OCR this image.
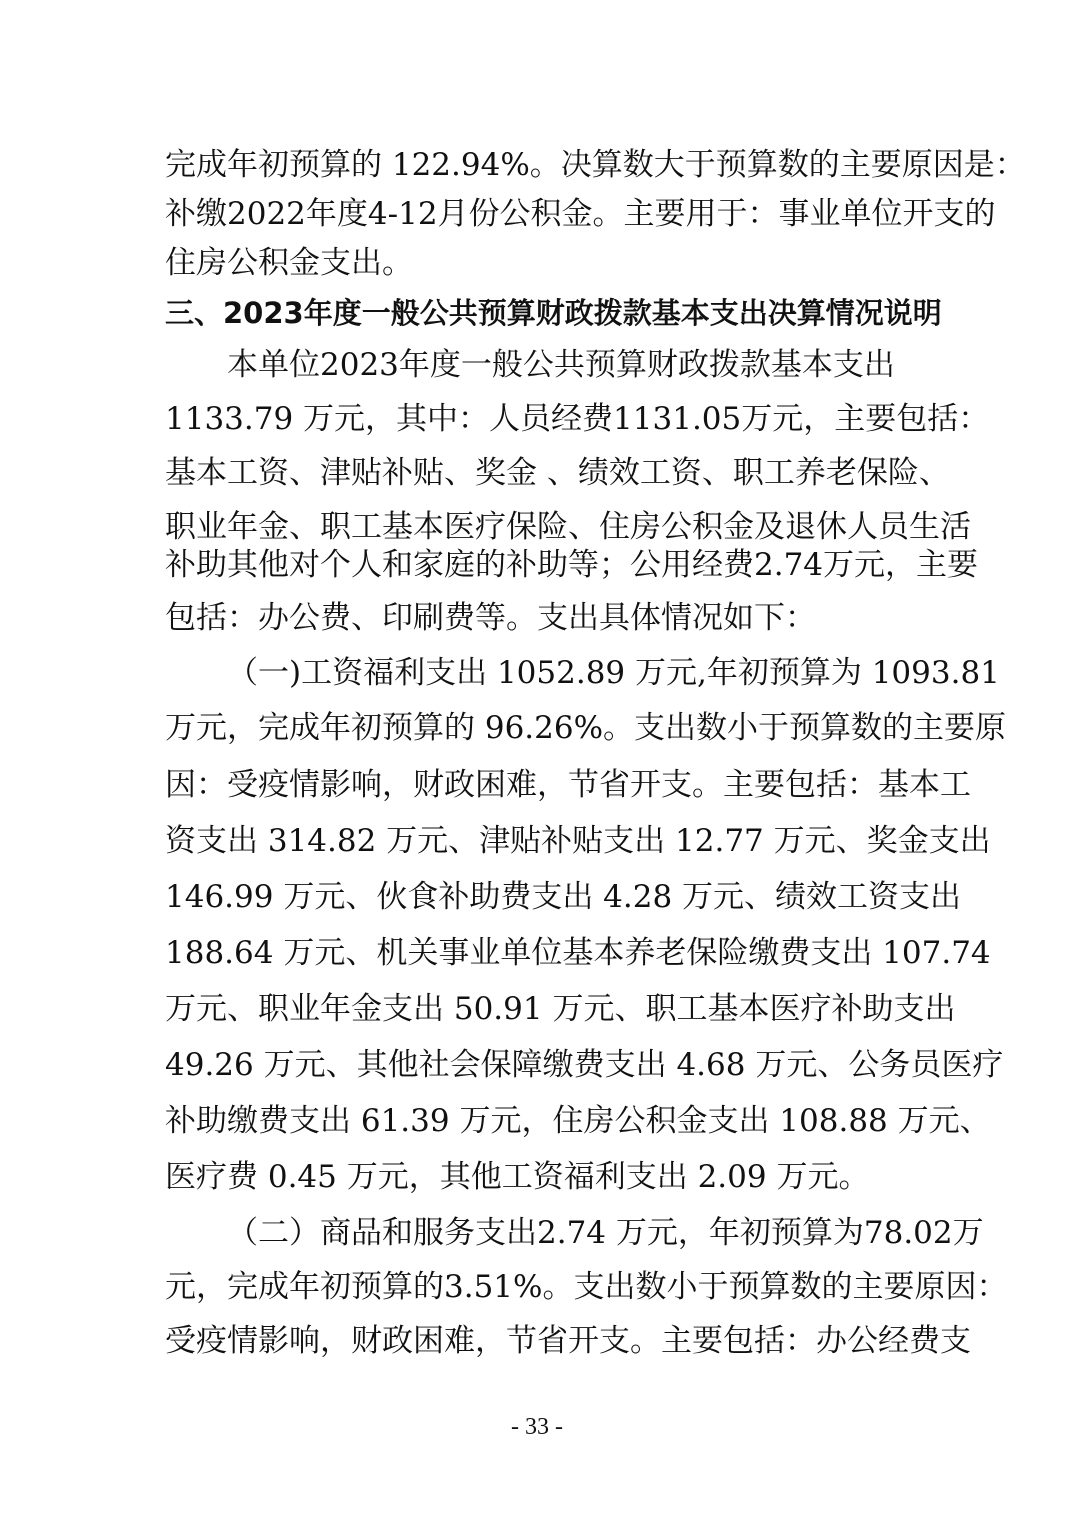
完成年初预算的 122.94%。决算数大于预算数的主要原因是：
补缴2022年度4-12月份公积金。主要用于：事业单位开支的
住房公积金支出。
三、2023年度一般公共预算财政拨款基本支出决算情况说明
本单位2023年度一般公共预算财政拨款基本支出
1133.79 万元，其中：人员经费1131.05万元，主要包括：
基本工资、津贴补贴、奖金 、绩效工资、职工养老保险、
职业年金、职工基本医疗保险、住房公积金及退休人员生活
补助其他对个人和家庭的补助等；公用经费2.74万元，主要
包括：办公费、印刷费等。支出具体情况如下：
（一)工资福利支出 1052.89 万元,年初预算为 1093.81
万元，完成年初预算的 96.26%。支出数小于预算数的主要原
因：受疫情影响，财政困难，节省开支。主要包括：基本工
资支出 314.82 万元、津贴补贴支出 12.77 万元、奖金支出
146.99 万元、伙食补助费支出 4.28 万元、绩效工资支出
188.64 万元、机关事业单位基本养老保险缴费支出 107.74
万元、职业年金支出 50.91 万元、职工基本医疗补助支出
49.26 万元、其他社会保障缴费支出 4.68 万元、公务员医疗
补助缴费支出 61.39 万元，住房公积金支出 108.88 万元、
医疗费 0.45 万元，其他工资福利支出 2.09 万元。
（二）商品和服务支出2.74 万元，年初预算为78.02万
元，完成年初预算的3.51%。支出数小于预算数的主要原因：
受疫情影响，财政困难，节省开支。主要包括：办公经费支
- 33 -
